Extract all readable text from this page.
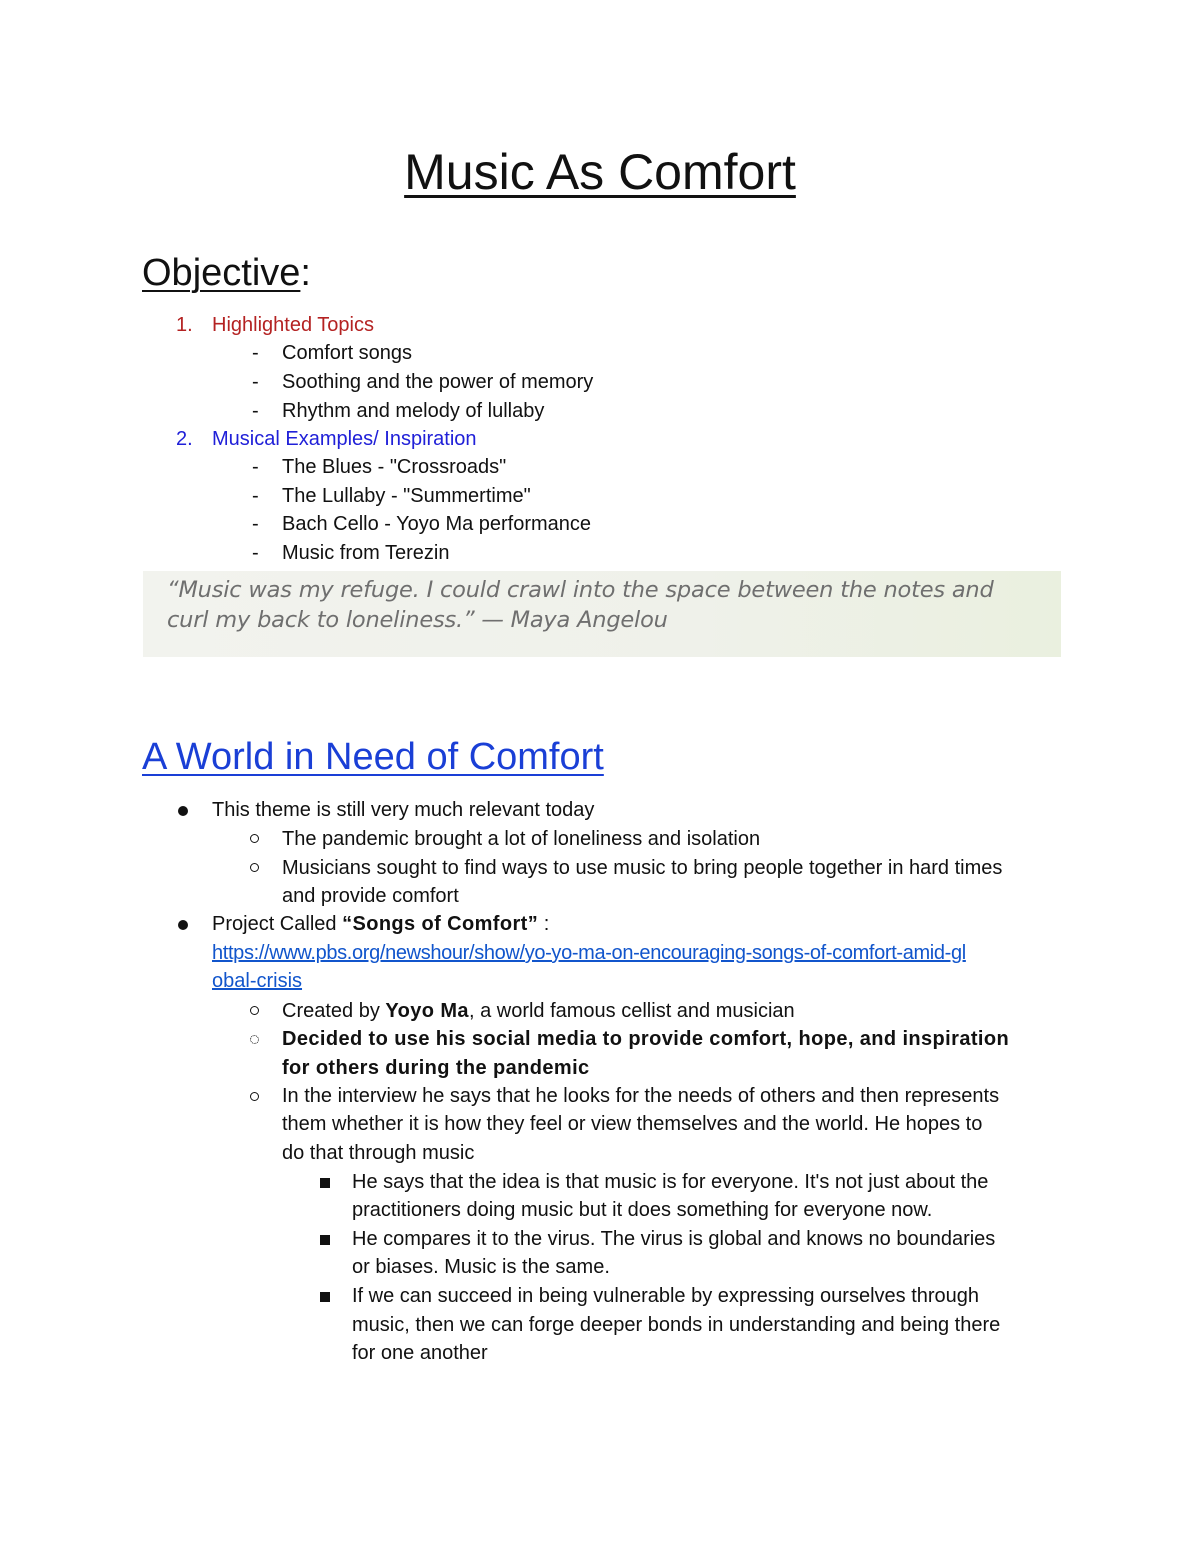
Music As Comfort
Objective:
1. Highlighted Topics
- Comfort songs
- Soothing and the power of memory
- Rhythm and melody of lullaby
2. Musical Examples/ Inspiration
- The Blues - "Crossroads"
- The Lullaby - "Summertime"
- Bach Cello - Yoyo Ma performance
- Music from Terezin

“Music was my refuge. I could crawl into the space between the notes and
curl my back to loneliness.” — Maya Angelou

A World in Need of Comfort
This theme is still very much relevant today
The pandemic brought a lot of loneliness and isolation
Musicians sought to find ways to use music to bring people together in hard times
and provide comfort
Project Called “Songs of Comfort” :
https://www.pbs.org/newshour/show/yo-yo-ma-on-encouraging-songs-of-comfort-amid-gl
obal-crisis
Created by Yoyo Ma, a world famous cellist and musician
Decided to use his social media to provide comfort, hope, and inspiration
for others during the pandemic
In the interview he says that he looks for the needs of others and then represents
them whether it is how they feel or view themselves and the world. He hopes to
do that through music
He says that the idea is that music is for everyone. It's not just about the
practitioners doing music but it does something for everyone now.
He compares it to the virus. The virus is global and knows no boundaries
or biases. Music is the same.
If we can succeed in being vulnerable by expressing ourselves through
music, then we can forge deeper bonds in understanding and being there
for one another
